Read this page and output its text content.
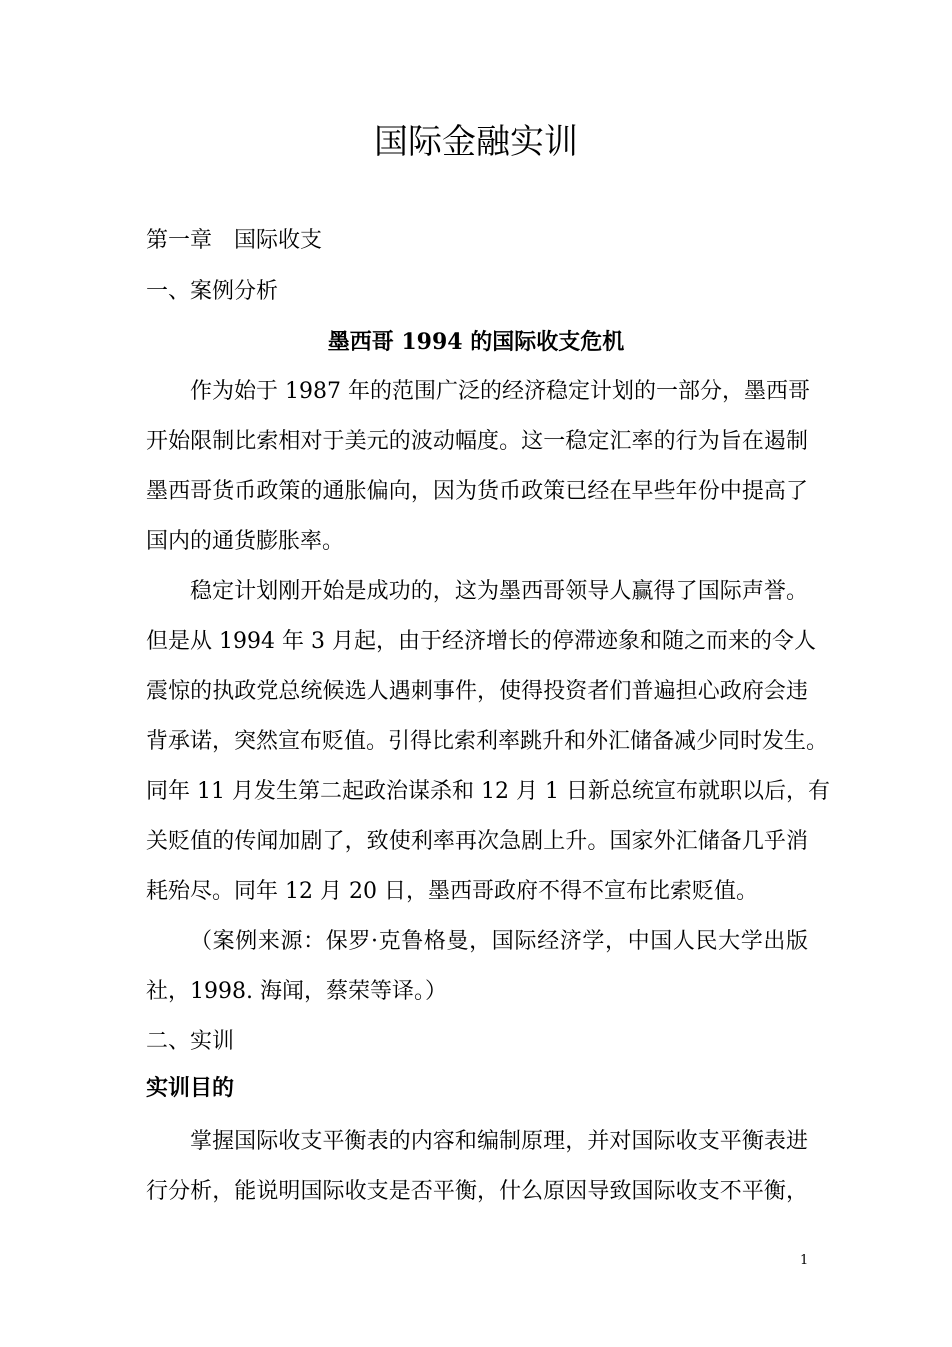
国际金融实训

第一章　国际收支

一、案例分析

墨西哥 1994 的国际收支危机

作为始于 1987 年的范围广泛的经济稳定计划的一部分，墨西哥

开始限制比索相对于美元的波动幅度。这一稳定汇率的行为旨在遏制

墨西哥货币政策的通胀偏向，因为货币政策已经在早些年份中提高了

国内的通货膨胀率。

稳定计划刚开始是成功的，这为墨西哥领导人赢得了国际声誉。

但是从 1994 年 3 月起，由于经济增长的停滞迹象和随之而来的令人

震惊的执政党总统候选人遇刺事件，使得投资者们普遍担心政府会违

背承诺，突然宣布贬值。引得比索利率跳升和外汇储备减少同时发生。

同年 11 月发生第二起政治谋杀和 12 月 1 日新总统宣布就职以后，有

关贬值的传闻加剧了，致使利率再次急剧上升。国家外汇储备几乎消

耗殆尽。同年 12 月 20 日，墨西哥政府不得不宣布比索贬值。

（案例来源：保罗·克鲁格曼，国际经济学，中国人民大学出版

社，1998. 海闻，蔡荣等译。）

二、实训

实训目的

掌握国际收支平衡表的内容和编制原理，并对国际收支平衡表进

行分析，能说明国际收支是否平衡，什么原因导致国际收支不平衡，

1
